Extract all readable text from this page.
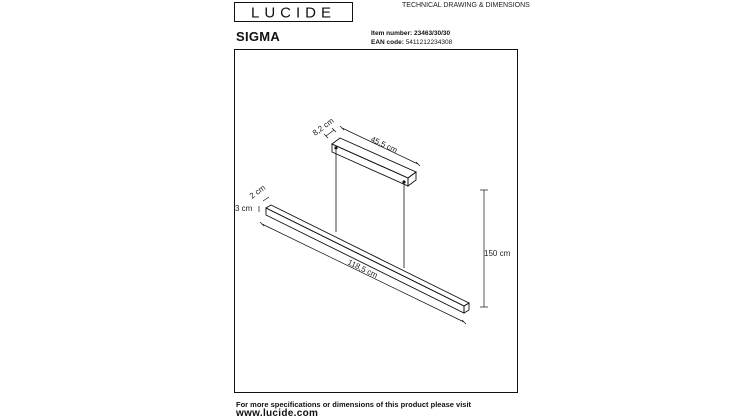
LUCIDE	TECHNICAL DRAWING & DIMENSIONS
SIGMA	Item number: 23463/30/30
EAN code: 5411212234308
8,2 cm
45,5 cm
2 cm
3 cm
118,5 cm
150 cm
For more specifications or dimensions of this product please visit
www.lucide.com
